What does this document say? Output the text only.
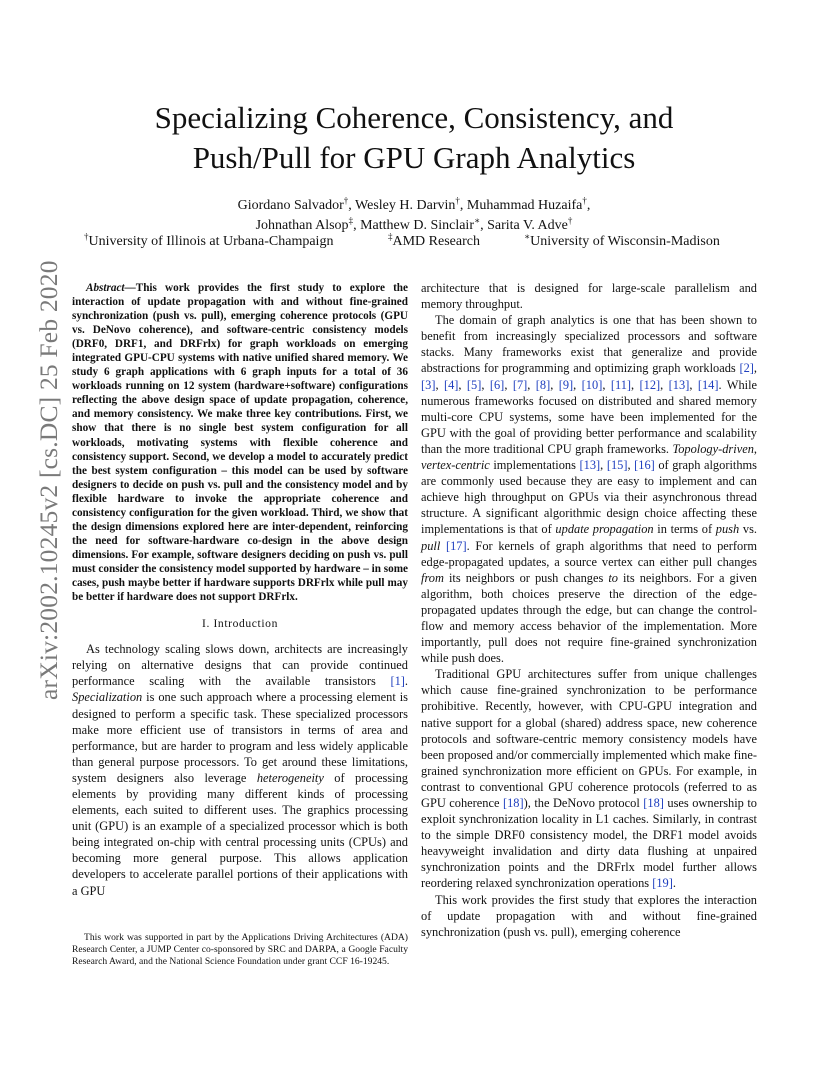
arXiv:2002.10245v2 [cs.DC] 25 Feb 2020
Specializing Coherence, Consistency, and
Push/Pull for GPU Graph Analytics
Giordano Salvador†, Wesley H. Darvin†, Muhammad Huzaifa†,
Johnathan Alsop‡, Matthew D. Sinclair∗, Sarita V. Adve†
†University of Illinois at Urbana-Champaign	‡AMD Research	∗University of Wisconsin-Madison

Abstract—This work provides the first study to explore the interaction of update propagation with and without fine-grained synchronization (push vs. pull), emerging coherence protocols (GPU vs. DeNovo coherence), and software-centric consistency models (DRF0, DRF1, and DRFrlx) for graph workloads on emerging integrated GPU-CPU systems with native unified shared memory. We study 6 graph applications with 6 graph inputs for a total of 36 workloads running on 12 system (hardware+software) configurations reflecting the above design space of update propagation, coherence, and memory consistency. We make three key contributions. First, we show that there is no single best system configuration for all workloads, motivating systems with flexible coherence and consistency support. Second, we develop a model to accurately predict the best system configuration – this model can be used by software designers to decide on push vs. pull and the consistency model and by flexible hardware to invoke the appropriate coherence and consistency configuration for the given workload. Third, we show that the design dimensions explored here are inter-dependent, reinforcing the need for software-hardware co-design in the above design dimensions. For example, software designers deciding on push vs. pull must consider the consistency model supported by hardware – in some cases, push maybe better if hardware supports DRFrlx while pull may be better if hardware does not support DRFrlx.

I. Introduction

As technology scaling slows down, architects are increasingly relying on alternative designs that can provide continued performance scaling with the available transistors [1]. Specialization is one such approach where a processing element is designed to perform a specific task. These specialized processors make more efficient use of transistors in terms of area and performance, but are harder to program and less widely applicable than general purpose processors. To get around these limitations, system designers also leverage heterogeneity of processing elements by providing many different kinds of processing elements, each suited to different uses. The graphics processing unit (GPU) is an example of a specialized processor which is both being integrated on-chip with central processing units (CPUs) and becoming more general purpose. This allows application developers to accelerate parallel portions of their applications with a GPU

This work was supported in part by the Applications Driving Architectures (ADA) Research Center, a JUMP Center co-sponsored by SRC and DARPA, a Google Faculty Research Award, and the National Science Foundation under grant CCF 16-19245.

architecture that is designed for large-scale parallelism and memory throughput.

The domain of graph analytics is one that has been shown to benefit from increasingly specialized processors and software stacks. Many frameworks exist that generalize and provide abstractions for programming and optimizing graph workloads [2], [3], [4], [5], [6], [7], [8], [9], [10], [11], [12], [13], [14]. While numerous frameworks focused on distributed and shared memory multi-core CPU systems, some have been implemented for the GPU with the goal of providing better performance and scalability than the more traditional CPU graph frameworks. Topology-driven, vertex-centric implementations [13], [15], [16] of graph algorithms are commonly used because they are easy to implement and can achieve high throughput on GPUs via their asynchronous thread structure. A significant algorithmic design choice affecting these implementations is that of update propagation in terms of push vs. pull [17]. For kernels of graph algorithms that need to perform edge-propagated updates, a source vertex can either pull changes from its neighbors or push changes to its neighbors. For a given algorithm, both choices preserve the direction of the edge-propagated updates through the edge, but can change the control-flow and memory access behavior of the implementation. More importantly, pull does not require fine-grained synchronization while push does.

Traditional GPU architectures suffer from unique challenges which cause fine-grained synchronization to be performance prohibitive. Recently, however, with CPU-GPU integration and native support for a global (shared) address space, new coherence protocols and software-centric memory consistency models have been proposed and/or commercially implemented which make fine-grained synchronization more efficient on GPUs. For example, in contrast to conventional GPU coherence protocols (referred to as GPU coherence [18]), the DeNovo protocol [18] uses ownership to exploit synchronization locality in L1 caches. Similarly, in contrast to the simple DRF0 consistency model, the DRF1 model avoids heavyweight invalidation and dirty data flushing at unpaired synchronization points and the DRFrlx model further allows reordering relaxed synchronization operations [19].

This work provides the first study that explores the interaction of update propagation with and without fine-grained synchronization (push vs. pull), emerging coherence
